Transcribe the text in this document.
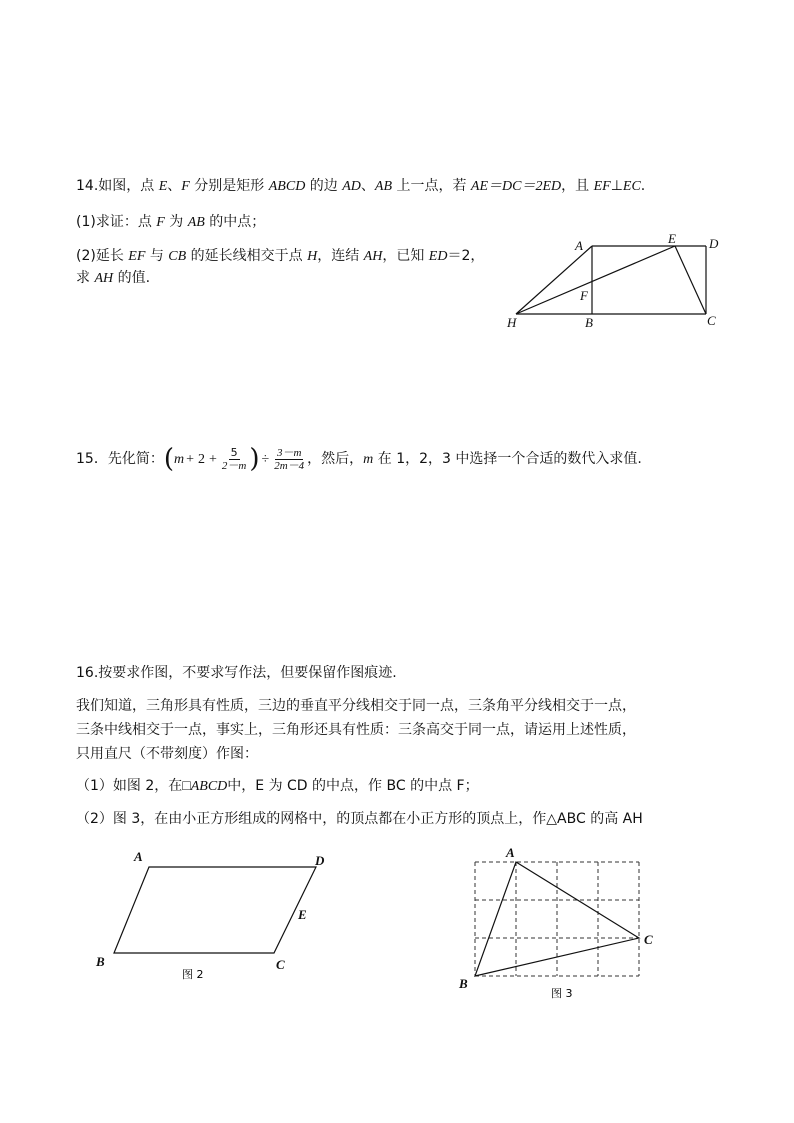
14.如图，点 E、F 分别是矩形 ABCD 的边 AD、AB 上一点，若 AE＝DC＝2ED，且 EF⊥EC.
(1)求证：点 F 为 AB 的中点；
(2)延长 EF 与 CB 的延长线相交于点 H，连结 AH，已知 ED＝2，
求 AH 的值.
A	E	D
F
H	B	C
15．先化简：($m + 2 + \frac{5}{2-m}$ ) ÷ $\frac{3-m}{2m-4}$ ，然后，m 在 1，2，3 中选择一个合适的数代入求值.
16.按要求作图，不要求写作法，但要保留作图痕迹.
我们知道，三角形具有性质，三边的垂直平分线相交于同一点，三条角平分线相交于一点，
三条中线相交于一点，事实上，三角形还具有性质：三条高交于同一点，请运用上述性质，
只用直尺（不带刻度）作图：
（1）如图 2，在□ABCD中，E 为 CD 的中点，作 BC 的中点 F；
（2）图 3，在由小正方形组成的网格中，的顶点都在小正方形的顶点上，作△ABC 的高 AH
A	D
E
B	C
图 2
A
C
B
图 3
